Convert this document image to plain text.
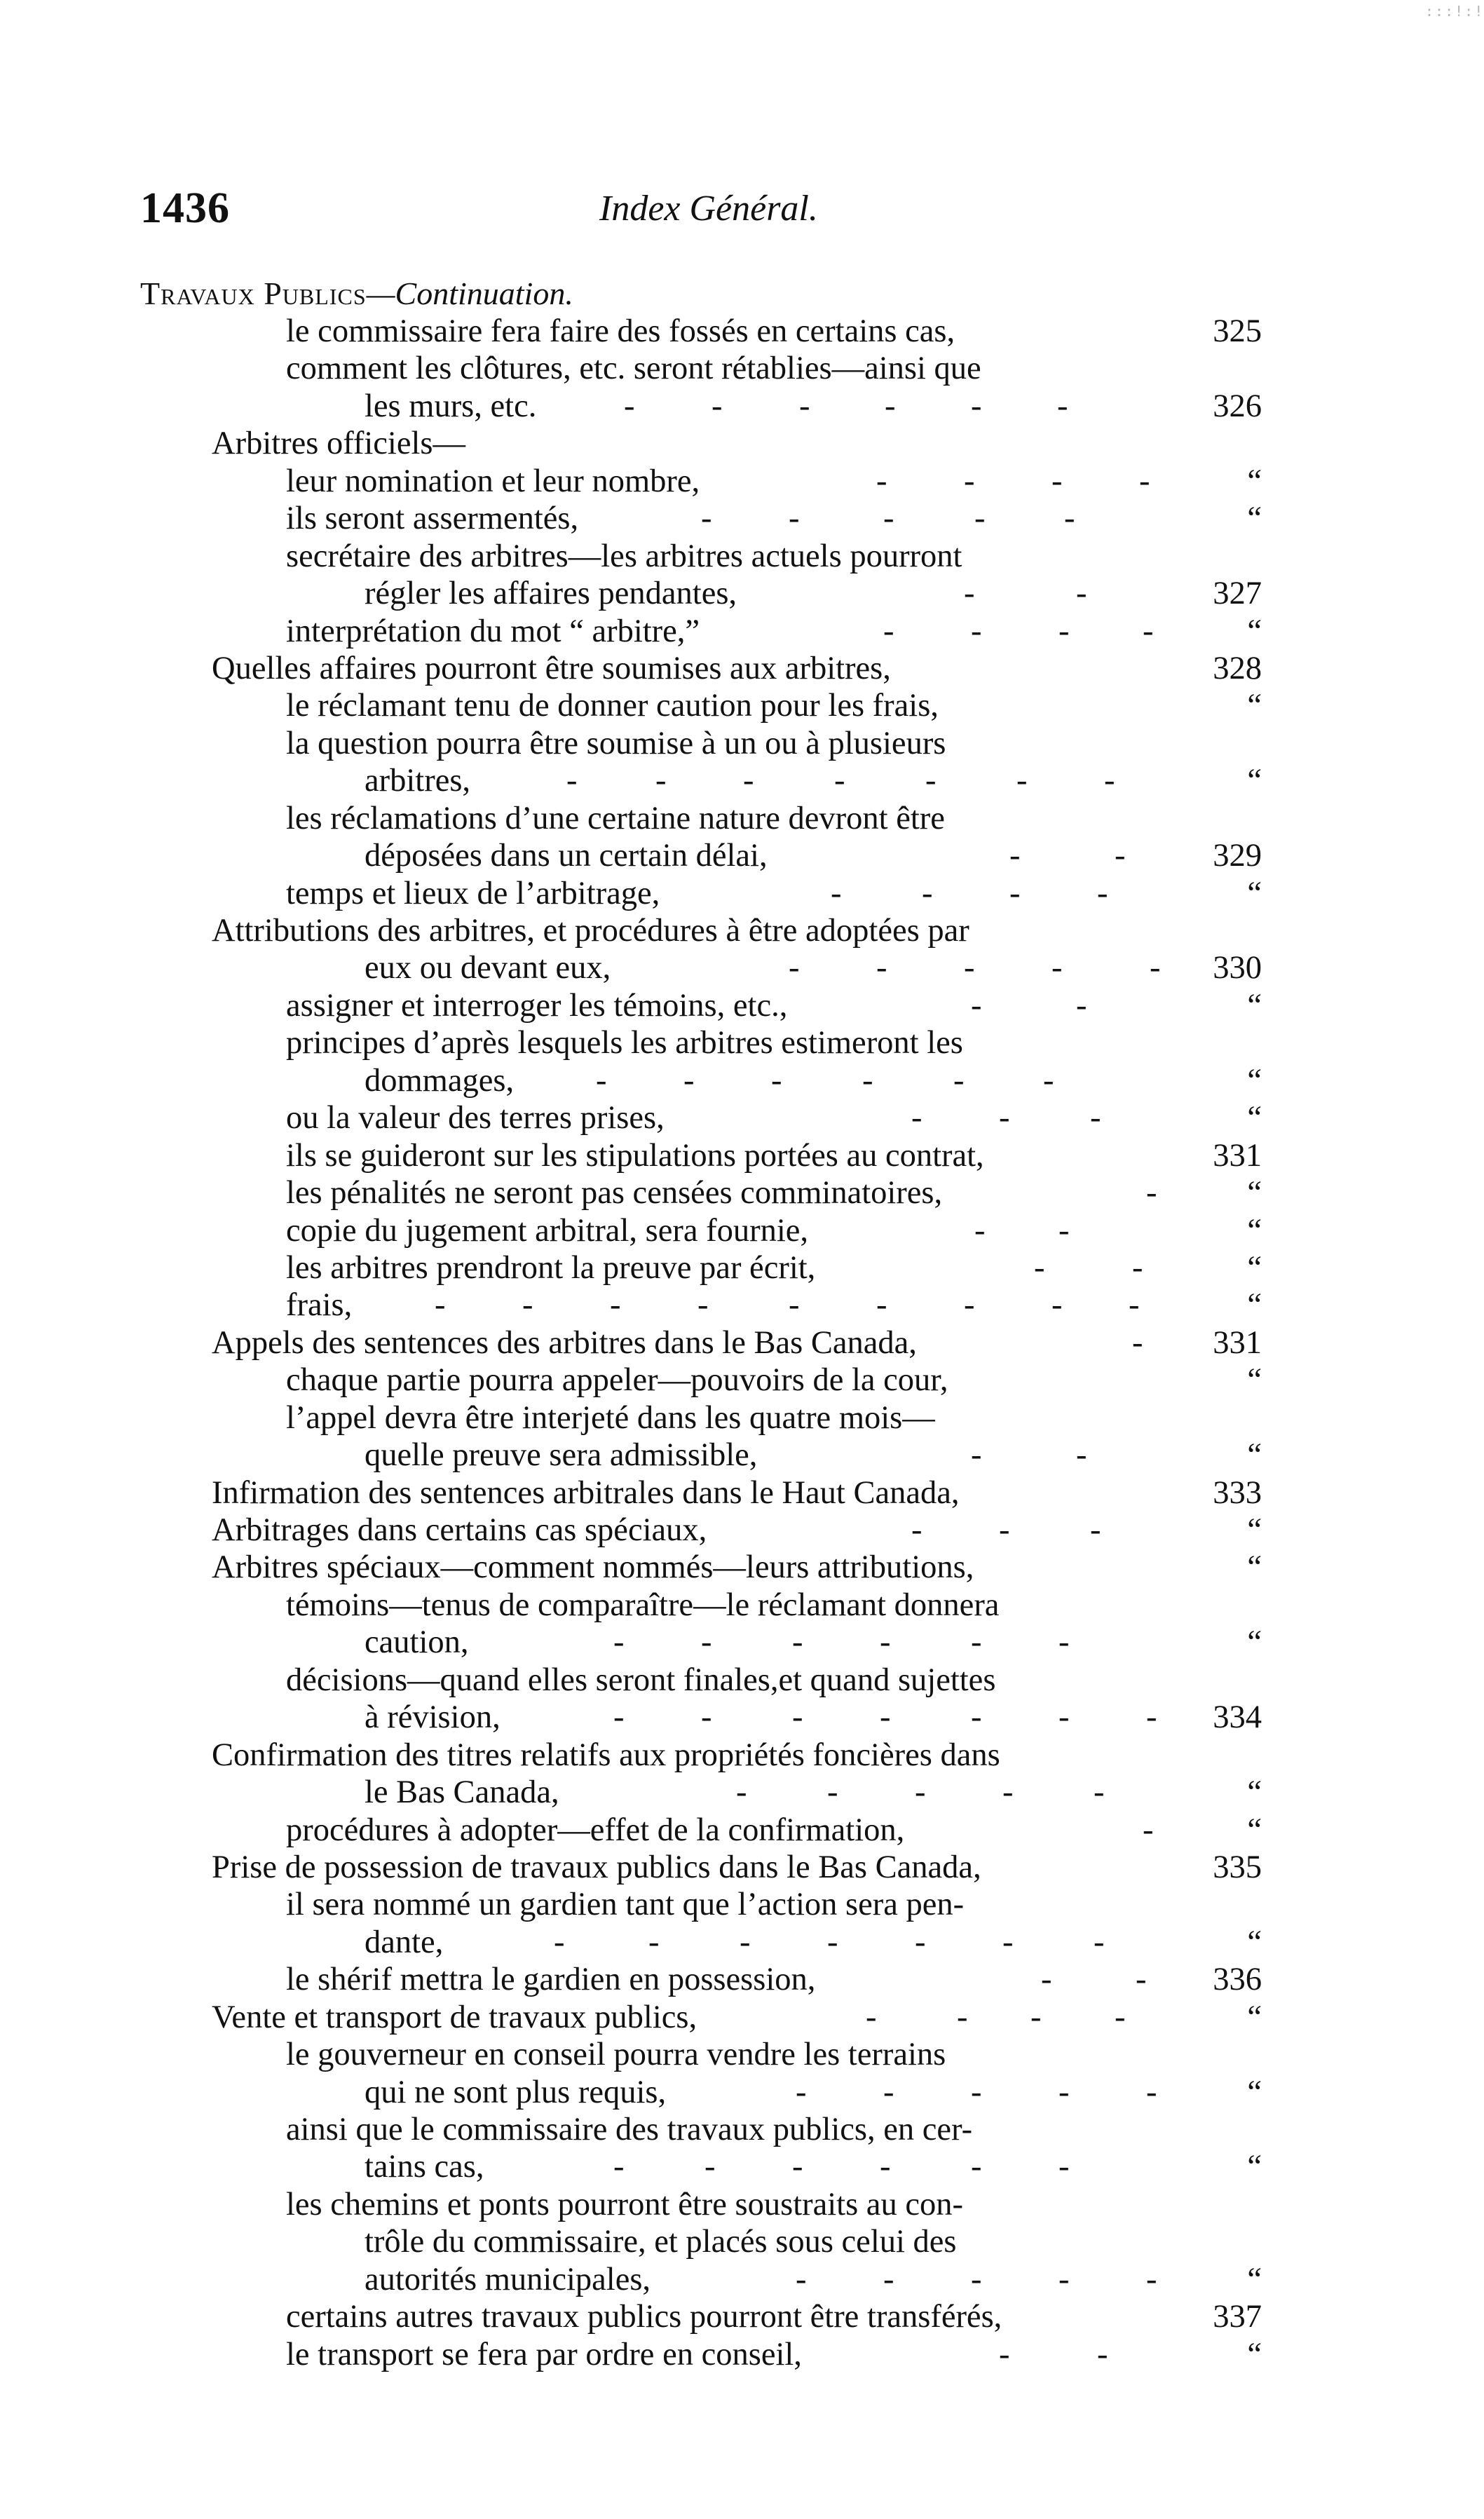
:::!:!
1436	Index Général.
Travaux Publics—Continuation.
le commissaire fera faire des fossés en certains cas,	325
comment les clôtures, etc. seront rétablies—ainsi que
les murs, etc.	- - - - - -	326
Arbitres officiels—
leur nomination et leur nombre,	- - - -	“
ils seront assermentés,	- -	- - -	“
secrétaire des arbitres—les arbitres actuels pourront
régler les affaires pendantes,	-	-	327
interprétation du mot “ arbitre,”	- - - -	“
Quelles affaires pourront être soumises aux arbitres,	328
le réclamant tenu de donner caution pour les frais,	“
la question pourra être soumise à un ou à plusieurs
arbitres,	- - - - - - -	“
les réclamations d’une certaine nature devront être
déposées dans un certain délai,	-	-	329
temps et lieux de l’arbitrage,	- - - -	“
Attributions des arbitres, et procédures à être adoptées par
eux ou devant eux,	- - - -	-	330
assigner et interroger les témoins, etc.,	-	-	“
principes d’après lesquels les arbitres estimeront les
dommages,	- - - - - -	“
ou la valeur des terres prises,	- - -	“
ils se guideront sur les stipulations portées au contrat,	331
les pénalités ne seront pas censées comminatoires,	-	“
copie du jugement arbitral, sera fournie,	- -	“
les arbitres prendront la preuve par écrit,	-	-	“
frais,	- - - - - - - - -	“
Appels des sentences des arbitres dans le Bas Canada,	-	331
chaque partie pourra appeler—pouvoirs de la cour,	“
l’appel devra être interjeté dans les quatre mois—
quelle preuve sera admissible,	-	-	“
Infirmation des sentences arbitrales dans le Haut Canada,	333
Arbitrages dans certains cas spéciaux,	- - -	“
Arbitres spéciaux—comment nommés—leurs attributions,	“
témoins—tenus de comparaître—le réclamant donnera
caution,	- - - - - -	“
décisions—quand elles seront finales,et quand sujettes
à révision,	- - - - - - -	334
Confirmation des titres relatifs aux propriétés foncières dans
le Bas Canada,	- - - - -	“
procédures à adopter—effet de la confirmation,	-	“
Prise de possession de travaux publics dans le Bas Canada,	335
il sera nommé un gardien tant que l’action sera pen-
dante,	-	- - - - - -	“
le shérif mettra le gardien en possession,	-	-	336
Vente et transport de travaux publics,	- - - -	“
le gouverneur en conseil pourra vendre les terrains
qui ne sont plus requis,	- - - - -	“
ainsi que le commissaire des travaux publics, en cer-
tains cas,	- - - - - -	“
les chemins et ponts pourront être soustraits au con-
trôle du commissaire, et placés sous celui des
autorités municipales,	- - - - -	“
certains autres travaux publics pourront être transférés,	337
le transport se fera par ordre en conseil,	-	-	“
